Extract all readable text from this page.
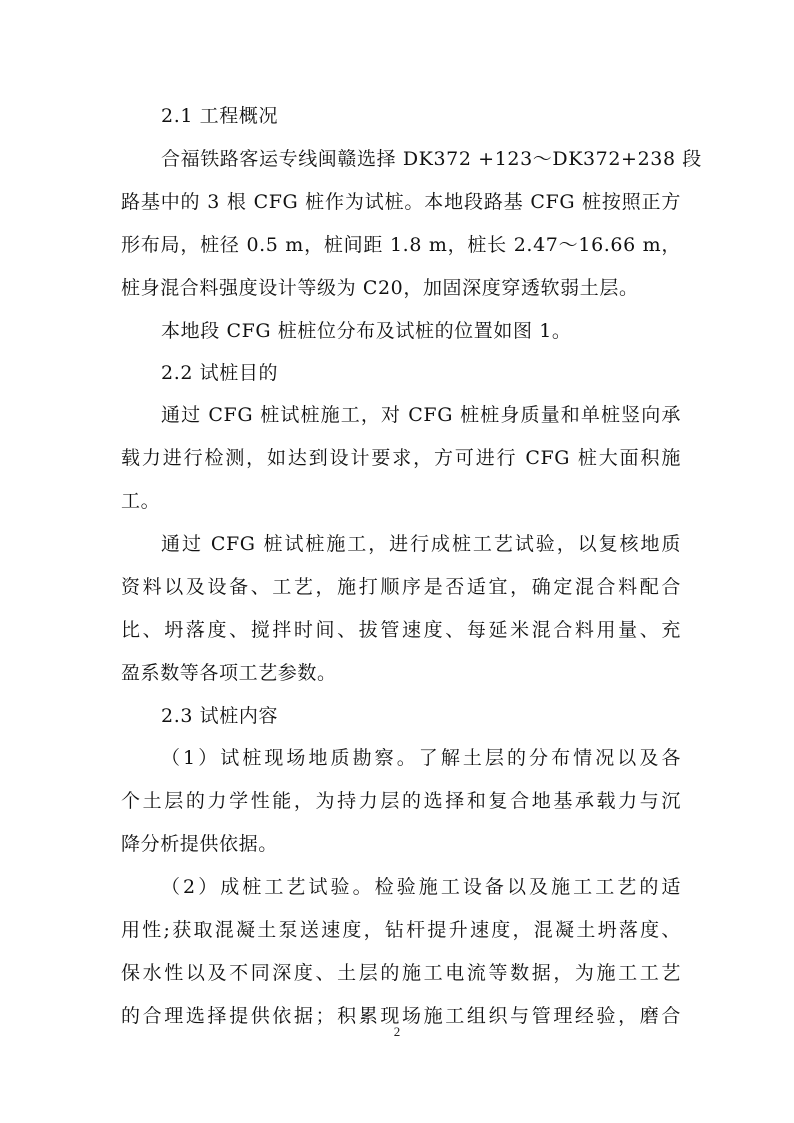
2.1 工程概况
合福铁路客运专线闽赣选择 DK372 +123～DK372+238 段
路基中的 3 根 CFG 桩作为试桩。本地段路基 CFG 桩按照正方
形布局，桩径 0.5 m，桩间距 1.8 m，桩长 2.47～16.66 m，
桩身混合料强度设计等级为 C20，加固深度穿透软弱土层。
本地段 CFG 桩桩位分布及试桩的位置如图 1。
2.2 试桩目的
通过 CFG 桩试桩施工，对 CFG 桩桩身质量和单桩竖向承
载力进行检测，如达到设计要求，方可进行 CFG 桩大面积施
工。
通过 CFG 桩试桩施工，进行成桩工艺试验，以复核地质
资料以及设备、工艺，施打顺序是否适宜，确定混合料配合
比、坍落度、搅拌时间、拔管速度、每延米混合料用量、充
盈系数等各项工艺参数。
2.3 试桩内容
（1）试桩现场地质勘察。了解土层的分布情况以及各
个土层的力学性能，为持力层的选择和复合地基承载力与沉
降分析提供依据。
（2）成桩工艺试验。检验施工设备以及施工工艺的适
用性;获取混凝土泵送速度，钻杆提升速度，混凝土坍落度、
保水性以及不同深度、土层的施工电流等数据，为施工工艺
的合理选择提供依据；积累现场施工组织与管理经验，磨合
2
